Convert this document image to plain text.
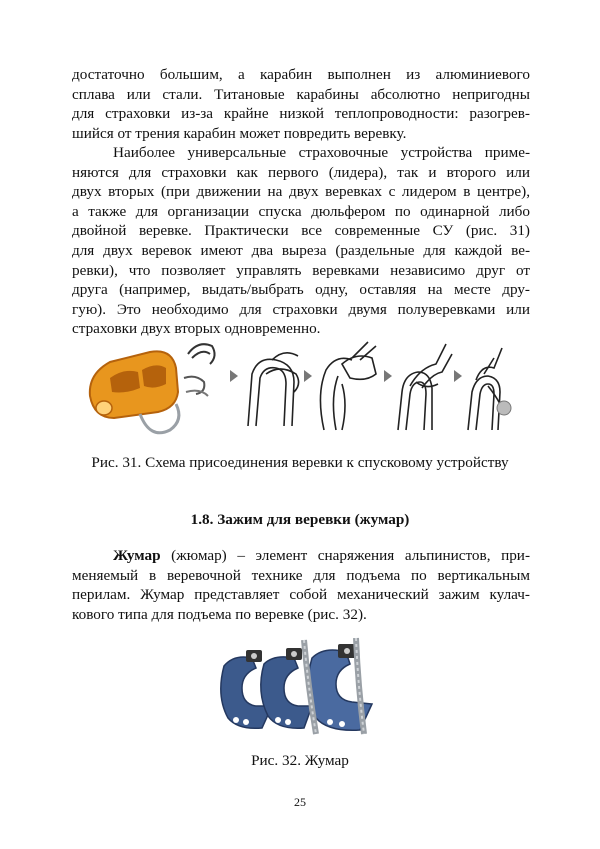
достаточно большим, а карабин выполнен из алюминиевого
сплава или стали. Титановые карабины абсолютно непригодны
для страховки из-за крайне низкой теплопроводности: разогрев-
шийся от трения карабин может повредить веревку.
Наиболее универсальные страховочные устройства приме-
няются для страховки как первого (лидера), так и второго или
двух вторых (при движении на двух веревках с лидером в центре),
а также для организации спуска дюльфером по одинарной либо
двойной веревке. Практически все современные СУ (рис. 31)
для двух веревок имеют два выреза (раздельные для каждой ве-
ревки), что позволяет управлять веревками независимо друг от
друга (например, выдать/выбрать одну, оставляя на месте дру-
гую). Это необходимо для страховки двумя полуверевками или
страховки двух вторых одновременно.
Рис. 31. Схема присоединения веревки к спусковому устройству
1.8. Зажим для веревки (жумар)
Жумар (жюмар) – элемент снаряжения альпинистов, при-
меняемый в веревочной технике для подъема по вертикальным
перилам. Жумар представляет собой механический зажим кулач-
кового типа для подъема по веревке (рис. 32).
Рис. 32. Жумар
25
